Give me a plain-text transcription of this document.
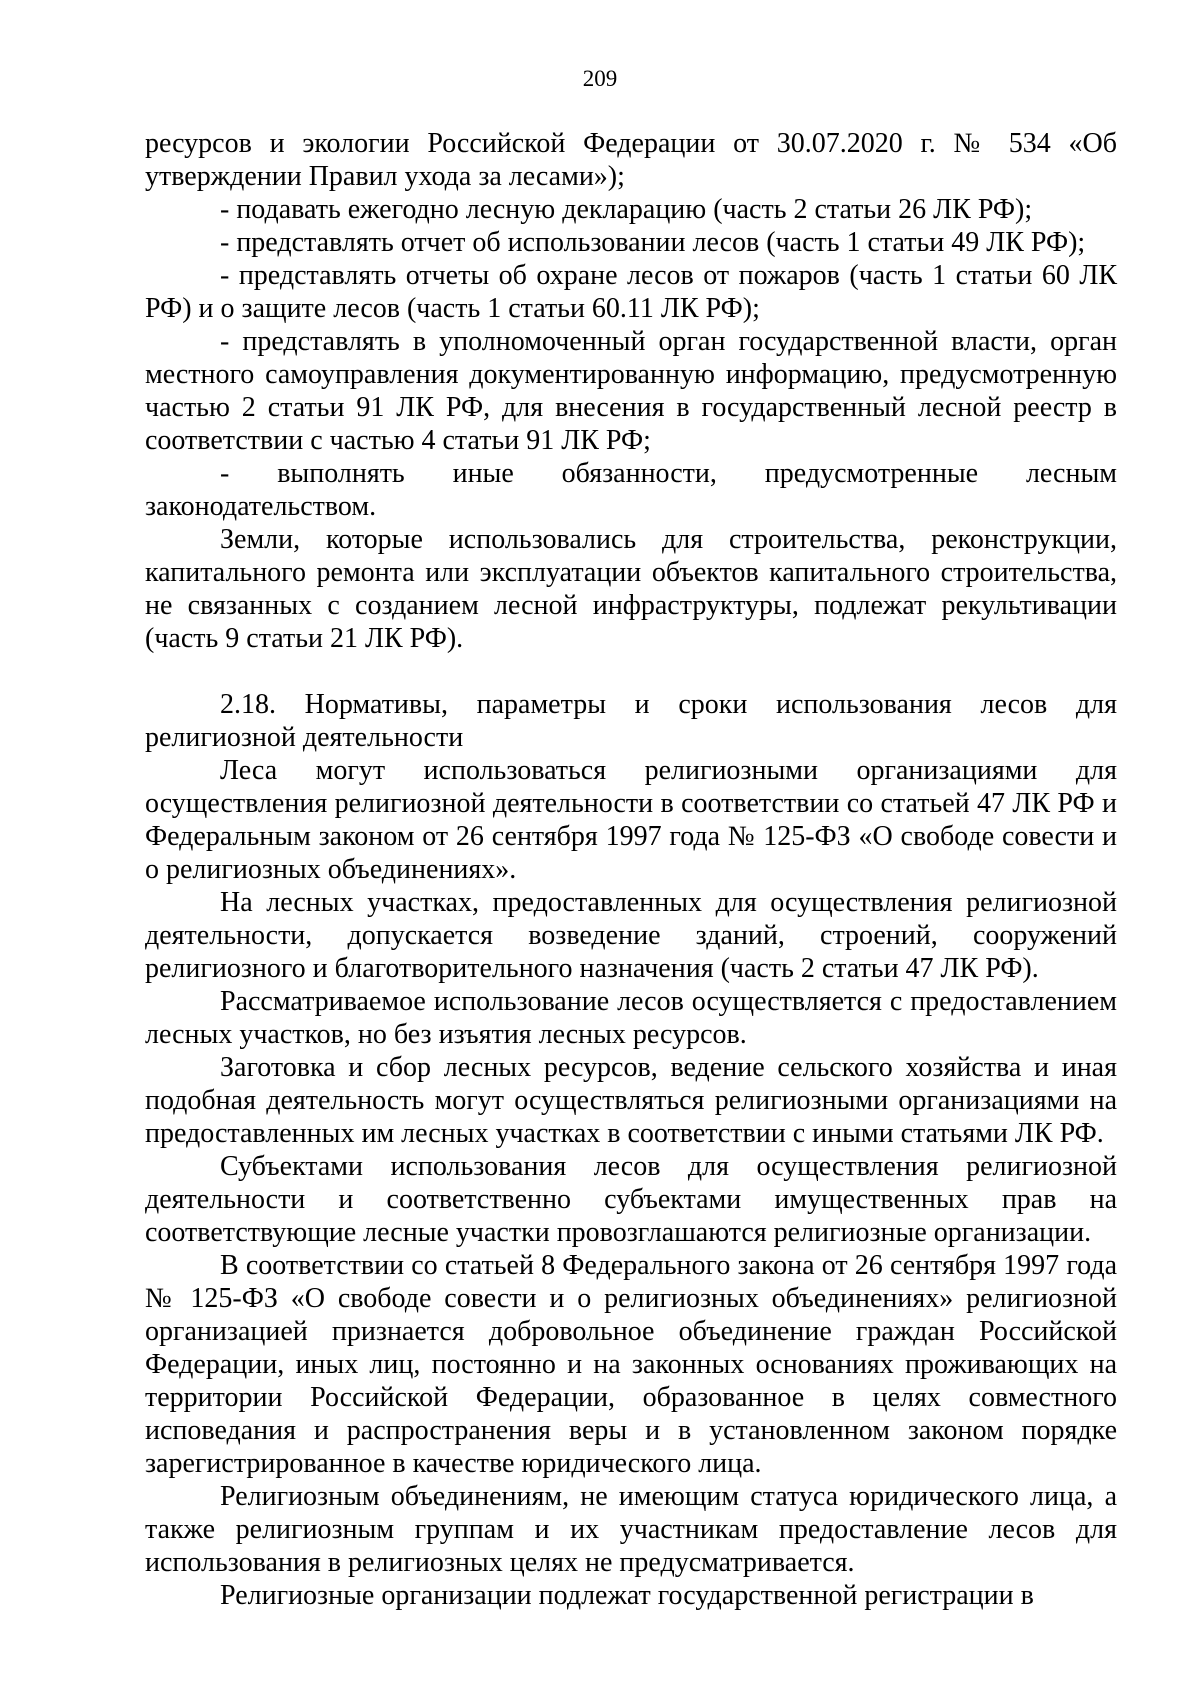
209

ресурсов и экологии Российской Федерации от 30.07.2020 г. № 534 «Об утверждении Правил ухода за лесами»);

- подавать ежегодно лесную декларацию (часть 2 статьи 26 ЛК РФ);

- представлять отчет об использовании лесов (часть 1 статьи 49 ЛК РФ);

- представлять отчеты об охране лесов от пожаров (часть 1 статьи 60 ЛК РФ) и о защите лесов (часть 1 статьи 60.11 ЛК РФ);

- представлять в уполномоченный орган государственной власти, орган местного самоуправления документированную информацию, предусмотренную частью 2 статьи 91 ЛК РФ, для внесения в государственный лесной реестр в соответствии с частью 4 статьи 91 ЛК РФ;

- выполнять иные обязанности, предусмотренные лесным законодательством.

Земли, которые использовались для строительства, реконструкции, капитального ремонта или эксплуатации объектов капитального строительства, не связанных с созданием лесной инфраструктуры, подлежат рекультивации (часть 9 статьи 21 ЛК РФ).

2.18. Нормативы, параметры и сроки использования лесов для религиозной деятельности

Леса могут использоваться религиозными организациями для осуществления религиозной деятельности в соответствии со статьей 47 ЛК РФ и Федеральным законом от 26 сентября 1997 года № 125-ФЗ «О свободе совести и о религиозных объединениях».

На лесных участках, предоставленных для осуществления религиозной деятельности, допускается возведение зданий, строений, сооружений религиозного и благотворительного назначения (часть 2 статьи 47 ЛК РФ).

Рассматриваемое использование лесов осуществляется с предоставлением лесных участков, но без изъятия лесных ресурсов.

Заготовка и сбор лесных ресурсов, ведение сельского хозяйства и иная подобная деятельность могут осуществляться религиозными организациями на предоставленных им лесных участках в соответствии с иными статьями ЛК РФ.

Субъектами использования лесов для осуществления религиозной деятельности и соответственно субъектами имущественных прав на соответствующие лесные участки провозглашаются религиозные организации.

В соответствии со статьей 8 Федерального закона от 26 сентября 1997 года № 125-ФЗ «О свободе совести и о религиозных объединениях» религиозной организацией признается добровольное объединение граждан Российской Федерации, иных лиц, постоянно и на законных основаниях проживающих на территории Российской Федерации, образованное в целях совместного исповедания и распространения веры и в установленном законом порядке зарегистрированное в качестве юридического лица.

Религиозным объединениям, не имеющим статуса юридического лица, а также религиозным группам и их участникам предоставление лесов для использования в религиозных целях не предусматривается.

Религиозные организации подлежат государственной регистрации в
